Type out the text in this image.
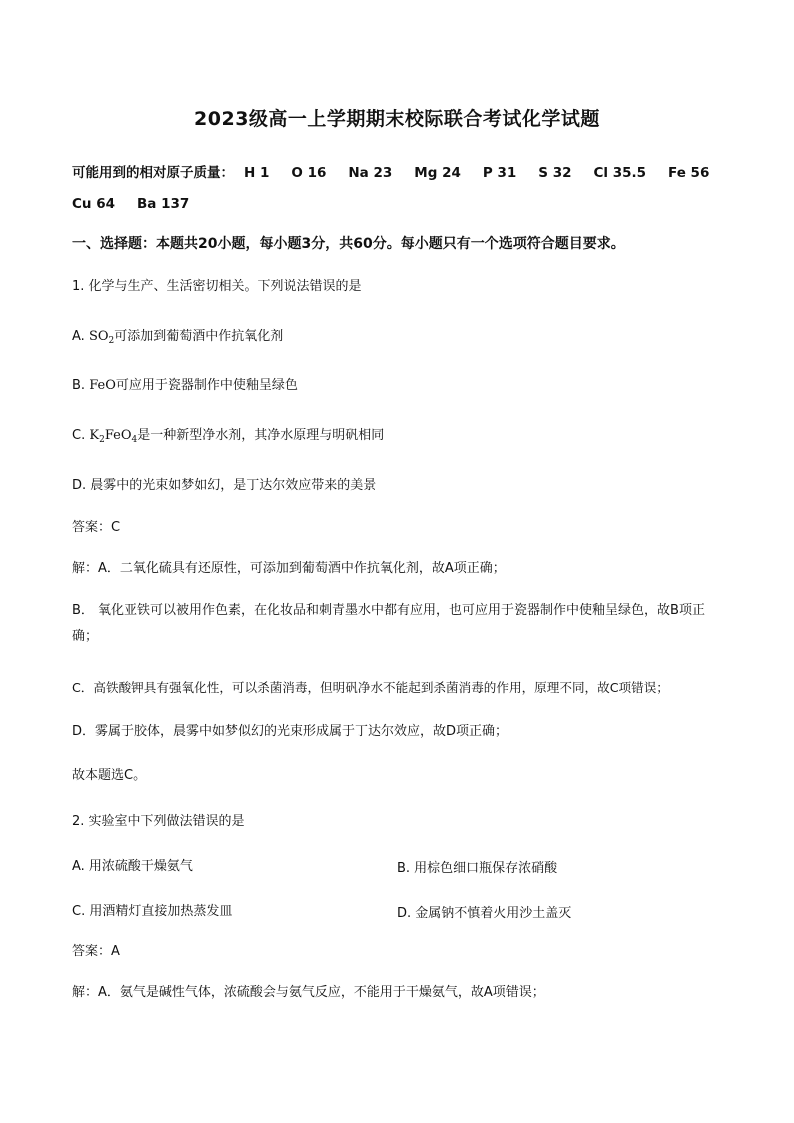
2023级高一上学期期末校际联合考试化学试题
可能用到的相对原子质量： H 1 O 16 Na 23 Mg 24 P 31 S 32 Cl 35.5 Fe 56
Cu 64 Ba 137
一、选择题：本题共20小题，每小题3分，共60分。每小题只有一个选项符合题目要求。
1. 化学与生产、生活密切相关。下列说法错误的是
A. $SO_2$可添加到葡萄酒中作抗氧化剂
B. FeO可应用于瓷器制作中使釉呈绿色
C. $K_2FeO_4$是一种新型净水剂，其净水原理与明矾相同
D. 晨雾中的光束如梦如幻，是丁达尔效应带来的美景
答案：C
解：A．二氧化硫具有还原性，可添加到葡萄酒中作抗氧化剂，故A项正确；
B． 氧化亚铁可以被用作色素，在化妆品和刺青墨水中都有应用，也可应用于瓷器制作中使釉呈绿色，故B项正确；
C．高铁酸钾具有强氧化性，可以杀菌消毒，但明矾净水不能起到杀菌消毒的作用，原理不同，故C项错误；
D．雾属于胶体，晨雾中如梦似幻的光束形成属于丁达尔效应，故D项正确；
故本题选C。
2. 实验室中下列做法错误的是
A. 用浓硫酸干燥氨气	B. 用棕色细口瓶保存浓硝酸
C. 用酒精灯直接加热蒸发皿	D. 金属钠不慎着火用沙土盖灭
答案：A
解：A．氨气是碱性气体，浓硫酸会与氨气反应，不能用于干燥氨气，故A项错误；
